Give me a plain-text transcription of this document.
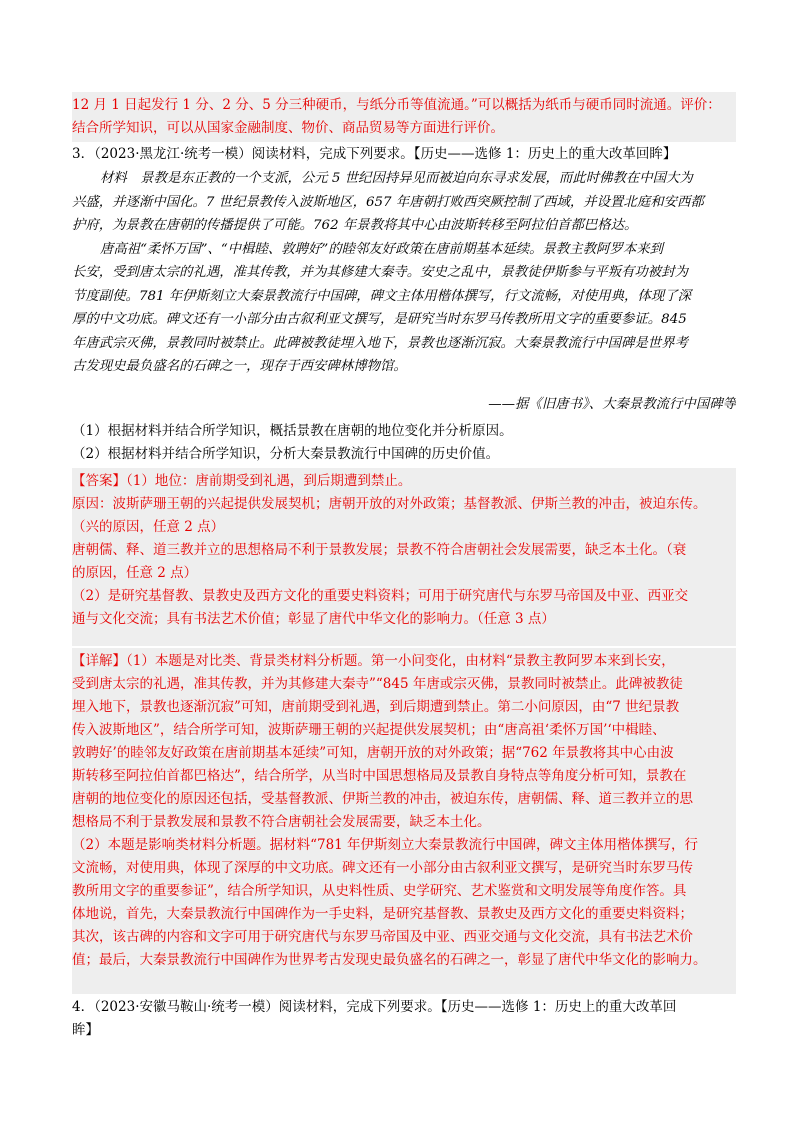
12 月 1 日起发行 1 分、2 分、5 分三种硬币，与纸分币等值流通。”可以概括为纸币与硬币同时流通。评价：
结合所学知识，可以从国家金融制度、物价、商品贸易等方面进行评价。
3．（2023·黑龙江·统考一模）阅读材料，完成下列要求。【历史——选修 1：历史上的重大改革回眸】
材料　景教是东正教的一个支派，公元 5 世纪因持异见而被迫向东寻求发展，而此时佛教在中国大为
兴盛，并逐渐中国化。7 世纪景教传入波斯地区，657 年唐朝打败西突厥控制了西域，并设置北庭和安西都
护府，为景教在唐朝的传播提供了可能。762 年景教将其中心由波斯转移至阿拉伯首都巴格达。
唐高祖“柔怀万国”、“中楫睦、敦聘好”的睦邻友好政策在唐前期基本延续。景教主教阿罗本来到
长安，受到唐太宗的礼遇，准其传教，并为其修建大秦寺。安史之乱中，景教徒伊斯参与平叛有功被封为
节度副使。781 年伊斯刻立大秦景教流行中国碑，碑文主体用楷体撰写，行文流畅，对使用典，体现了深
厚的中文功底。碑文还有一小部分由古叙利亚文撰写，是研究当时东罗马传教所用文字的重要参证。845
年唐武宗灭佛，景教同时被禁止。此碑被教徒埋入地下，景教也逐渐沉寂。大秦景教流行中国碑是世界考
古发现史最负盛名的石碑之一，现存于西安碑林博物馆。
——据《旧唐书》、大秦景教流行中国碑等
（1）根据材料并结合所学知识，概括景教在唐朝的地位变化并分析原因。
（2）根据材料并结合所学知识，分析大秦景教流行中国碑的历史价值。
【答案】（1）地位：唐前期受到礼遇，到后期遭到禁止。
原因：波斯萨珊王朝的兴起提供发展契机；唐朝开放的对外政策；基督教派、伊斯兰教的冲击，被迫东传。
（兴的原因，任意 2 点）
唐朝儒、释、道三教并立的思想格局不利于景教发展；景教不符合唐朝社会发展需要，缺乏本土化。（衰
的原因，任意 2 点）
（2）是研究基督教、景教史及西方文化的重要史料资料；可用于研究唐代与东罗马帝国及中亚、西亚交
通与文化交流；具有书法艺术价值；彰显了唐代中华文化的影响力。（任意 3 点）
【详解】（1）本题是对比类、背景类材料分析题。第一小问变化，由材料“景教主教阿罗本来到长安，
受到唐太宗的礼遇，准其传教，并为其修建大秦寺”“845 年唐或宗灭佛，景教同时被禁止。此碑被教徒
埋入地下，景教也逐渐沉寂”可知，唐前期受到礼遇，到后期遭到禁止。第二小问原因，由“7 世纪景教
传入波斯地区”，结合所学可知，波斯萨珊王朝的兴起提供发展契机；由“唐高祖‘柔怀万国’‘中楫睦、
敦聘好’的睦邻友好政策在唐前期基本延续”可知，唐朝开放的对外政策；据“762 年景教将其中心由波
斯转移至阿拉伯首都巴格达”，结合所学，从当时中国思想格局及景教自身特点等角度分析可知，景教在
唐朝的地位变化的原因还包括，受基督教派、伊斯兰教的冲击，被迫东传，唐朝儒、释、道三教并立的思
想格局不利于景教发展和景教不符合唐朝社会发展需要，缺乏本土化。
（2）本题是影响类材料分析题。据材料“781 年伊斯刻立大秦景教流行中国碑，碑文主体用楷体撰写，行
文流畅，对使用典，体现了深厚的中文功底。碑文还有一小部分由古叙利亚文撰写，是研究当时东罗马传
教所用文字的重要参证”，结合所学知识，从史料性质、史学研究、艺术鉴赏和文明发展等角度作答。具
体地说，首先，大秦景教流行中国碑作为一手史料，是研究基督教、景教史及西方文化的重要史料资料；
其次，该古碑的内容和文字可用于研究唐代与东罗马帝国及中亚、西亚交通与文化交流，具有书法艺术价
值；最后，大秦景教流行中国碑作为世界考古发现史最负盛名的石碑之一，彰显了唐代中华文化的影响力。
4．（2023·安徽马鞍山·统考一模）阅读材料，完成下列要求。【历史——选修 1：历史上的重大改革回
眸】
